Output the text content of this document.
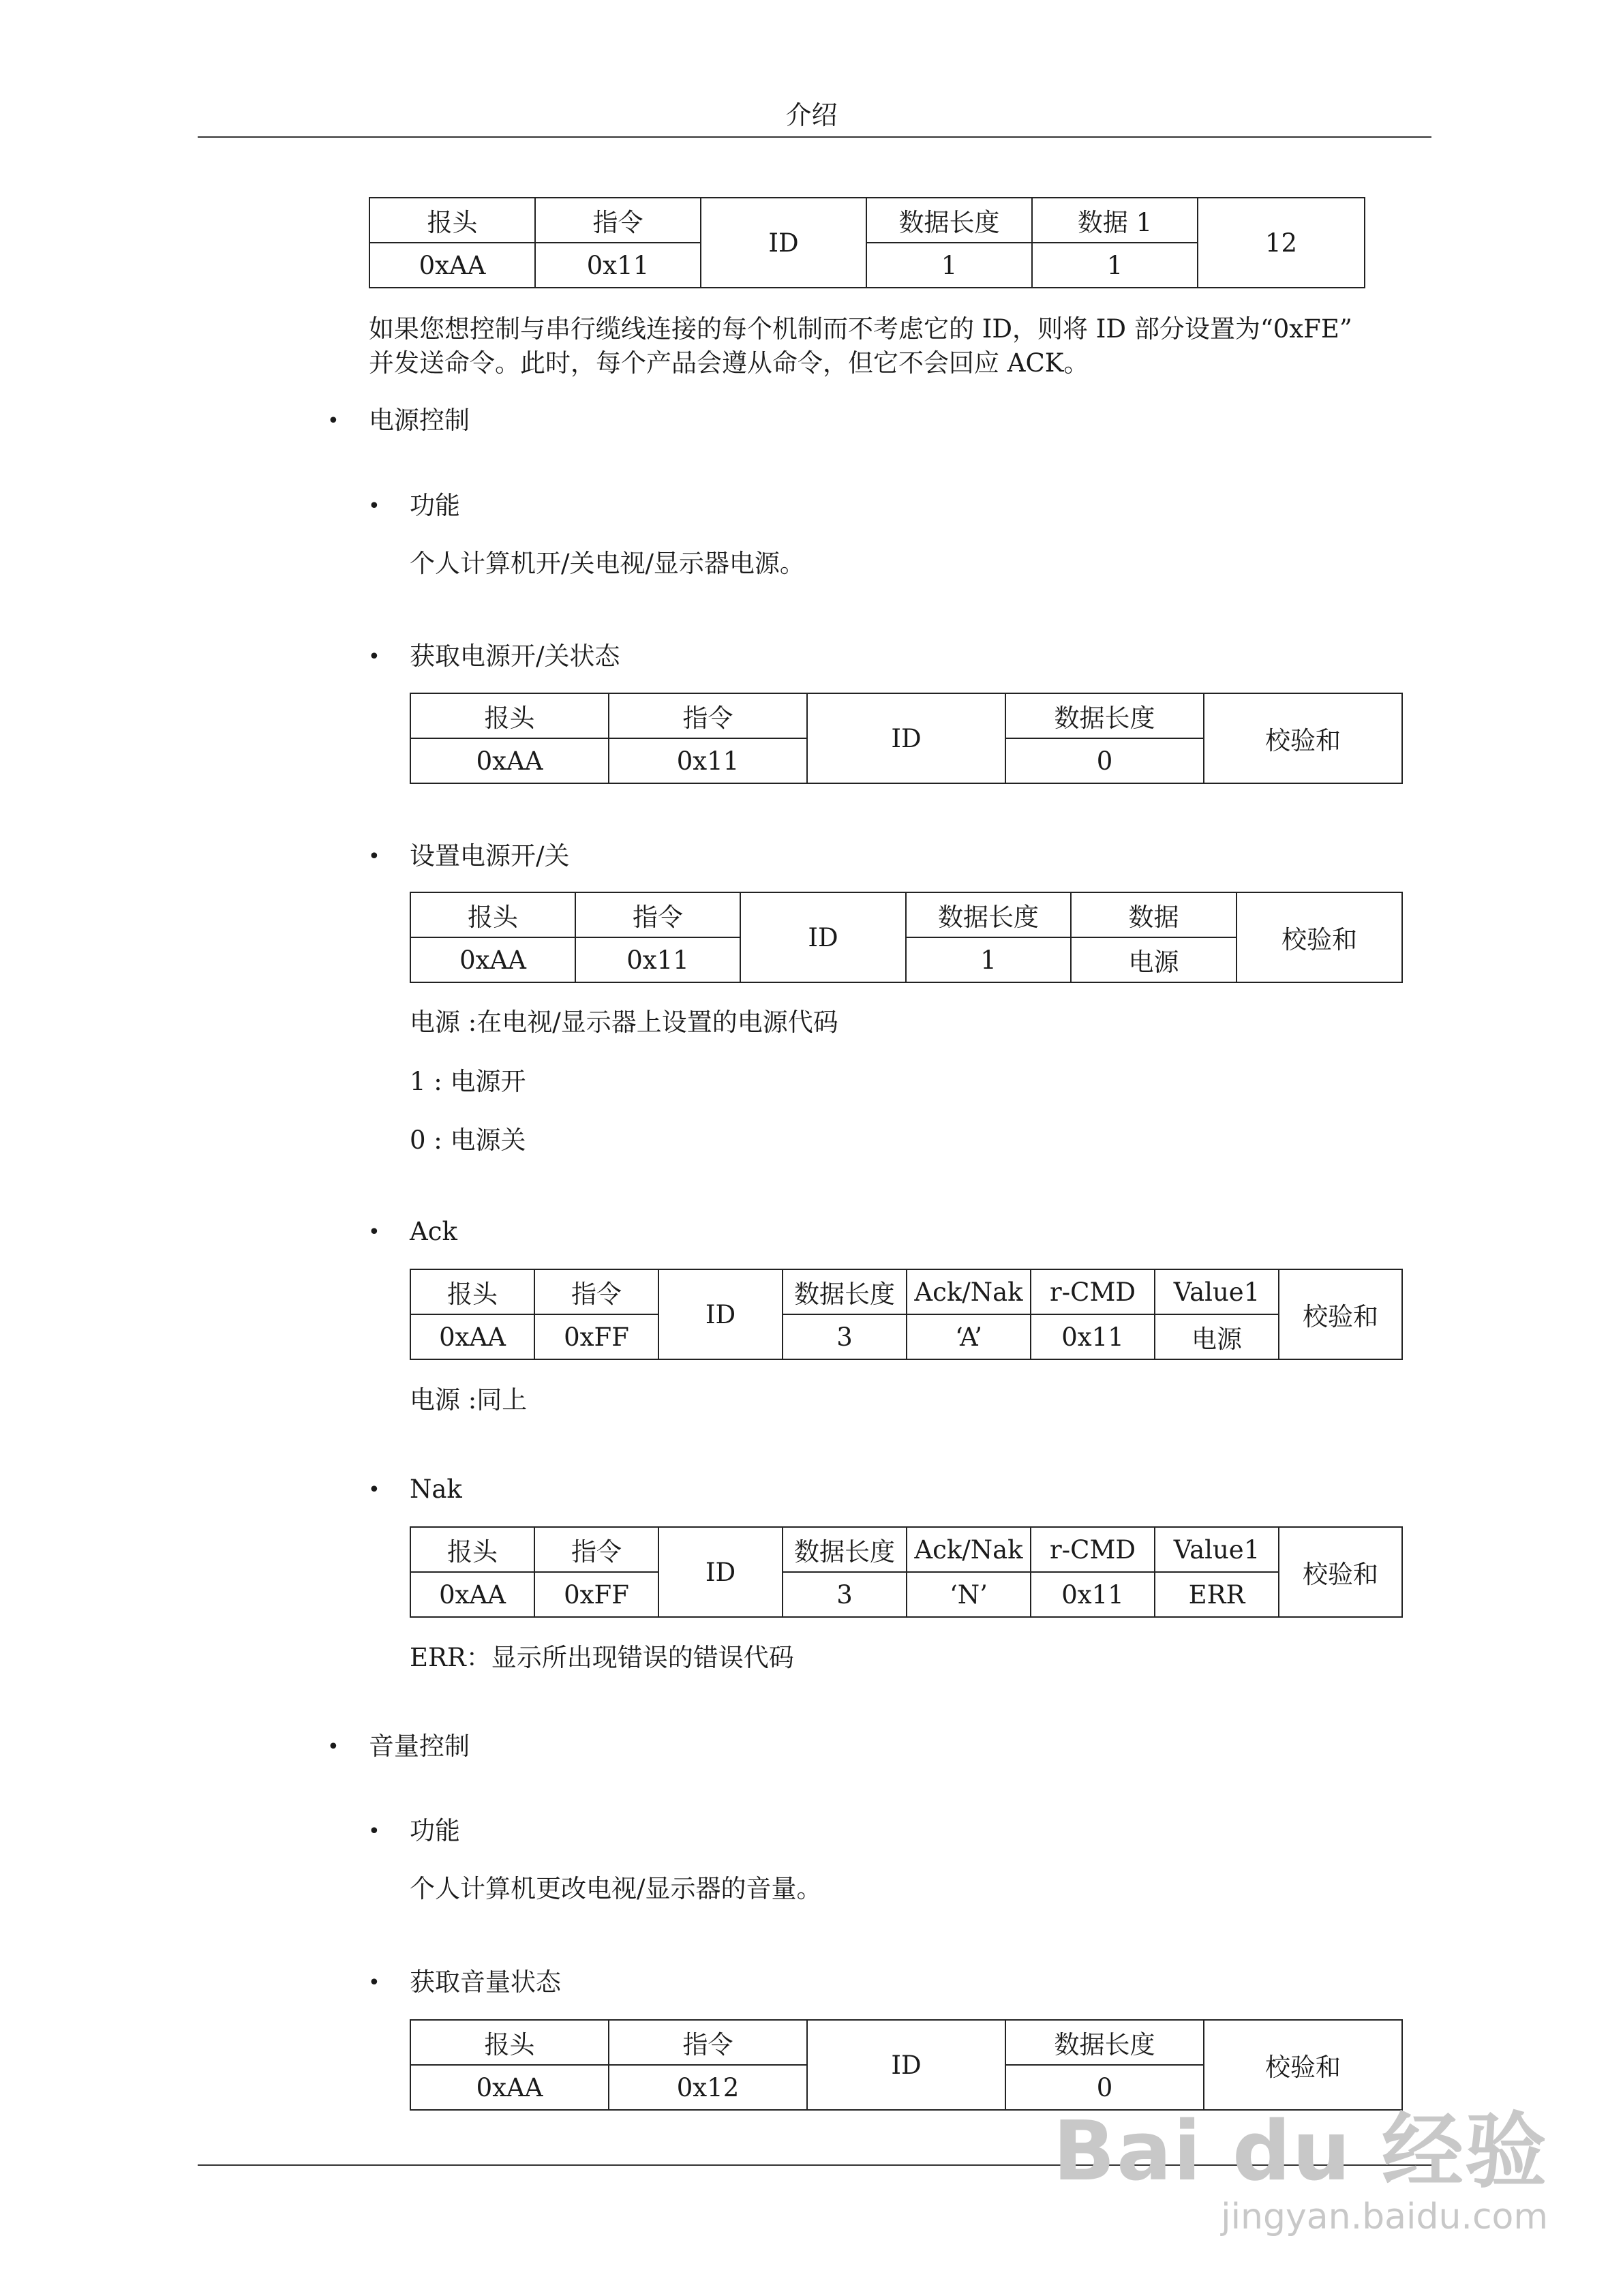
介绍
报头	指令	ID	数据长度	数据 1	12
0xAA	0x11		1	1	
如果您想控制与串行缆线连接的每个机制而不考虑它的 ID，则将 ID 部分设置为“0xFE”
并发送命令。此时，每个产品会遵从命令，但它不会回应 ACK。
• 电源控制
• 功能
个人计算机开/关电视/显示器电源。
• 获取电源开/关状态
报头	指令	ID	数据长度	校验和
0xAA	0x11		0	
• 设置电源开/关
报头	指令	ID	数据长度	数据	校验和
0xAA	0x11		1	电源	
电源 :在电视/显示器上设置的电源代码
1 : 电源开
0 : 电源关
• Ack
报头	指令	ID	数据长度	Ack/Nak	r-CMD	Value1	校验和
0xAA	0xFF		3	‘A’	0x11	电源	
电源 :同上
• Nak
报头	指令	ID	数据长度	Ack/Nak	r-CMD	Value1	校验和
0xAA	0xFF		3	‘N’	0x11	ERR	
ERR：显示所出现错误的错误代码
• 音量控制
• 功能
个人计算机更改电视/显示器的音量。
• 获取音量状态
报头	指令	ID	数据长度	校验和
0xAA	0x12		0	
Bai du 经验
jingyan.baidu.com
